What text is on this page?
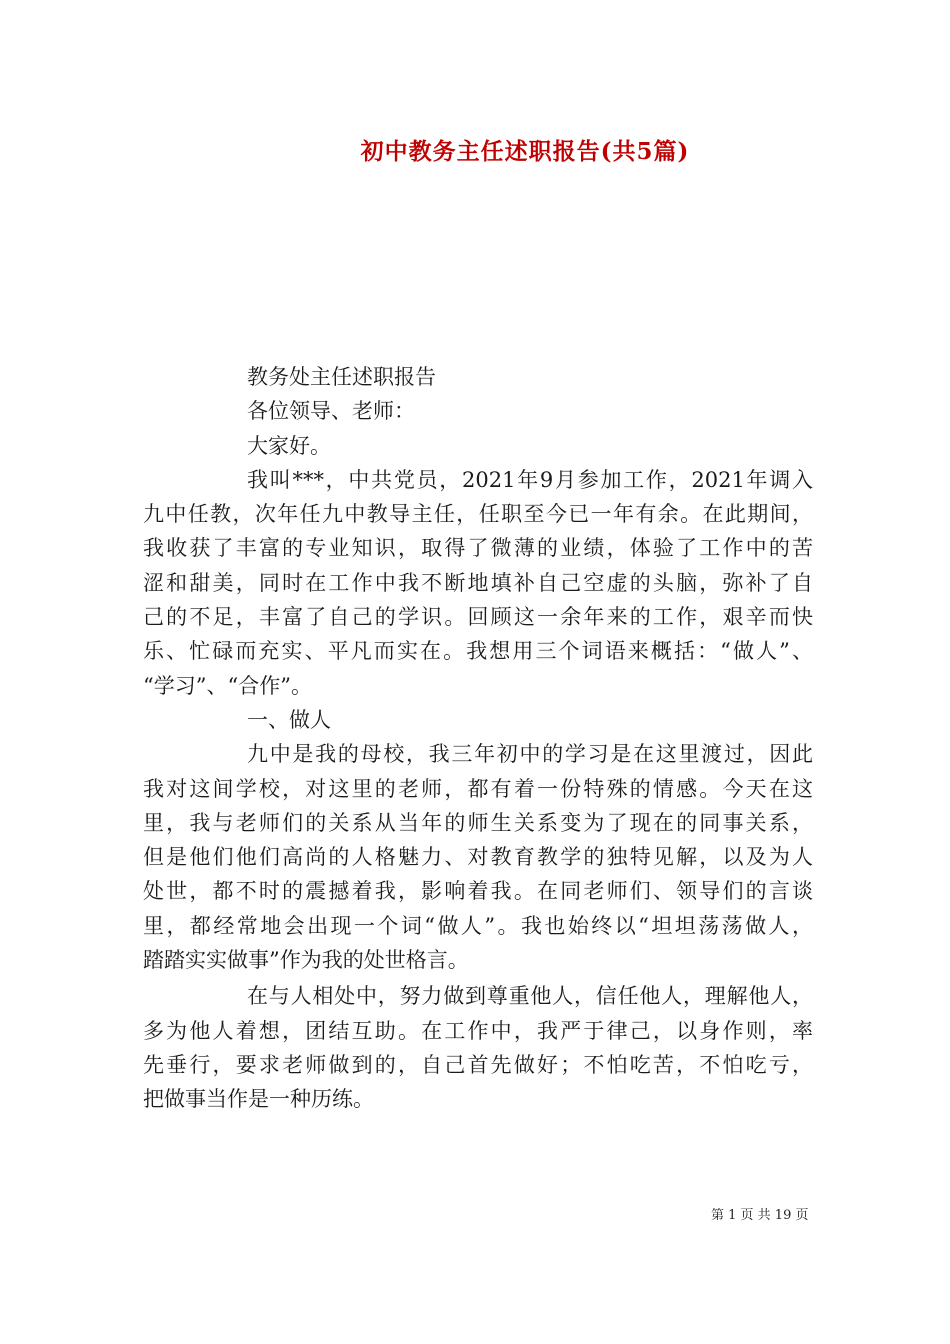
初中教务主任述职报告(共5篇)
教务处主任述职报告
各位领导、老师：
大家好。
我叫***，中共党员，2021年9月参加工作，2021年调入
九中任教，次年任九中教导主任，任职至今已一年有余。在此期间，
我收获了丰富的专业知识，取得了微薄的业绩，体验了工作中的苦
涩和甜美，同时在工作中我不断地填补自己空虚的头脑，弥补了自
己的不足，丰富了自己的学识。回顾这一余年来的工作，艰辛而快
乐、忙碌而充实、平凡而实在。我想用三个词语来概括：“做人”、
“学习”、“合作”。
一、做人
九中是我的母校，我三年初中的学习是在这里渡过，因此
我对这间学校，对这里的老师，都有着一份特殊的情感。今天在这
里，我与老师们的关系从当年的师生关系变为了现在的同事关系，
但是他们他们高尚的人格魅力、对教育教学的独特见解，以及为人
处世，都不时的震撼着我，影响着我。在同老师们、领导们的言谈
里，都经常地会出现一个词“做人”。我也始终以“坦坦荡荡做人，
踏踏实实做事”作为我的处世格言。
在与人相处中，努力做到尊重他人，信任他人，理解他人，
多为他人着想，团结互助。在工作中，我严于律己，以身作则，率
先垂行，要求老师做到的，自己首先做好；不怕吃苦，不怕吃亏，
把做事当作是一种历练。
第 1 页 共 19 页
